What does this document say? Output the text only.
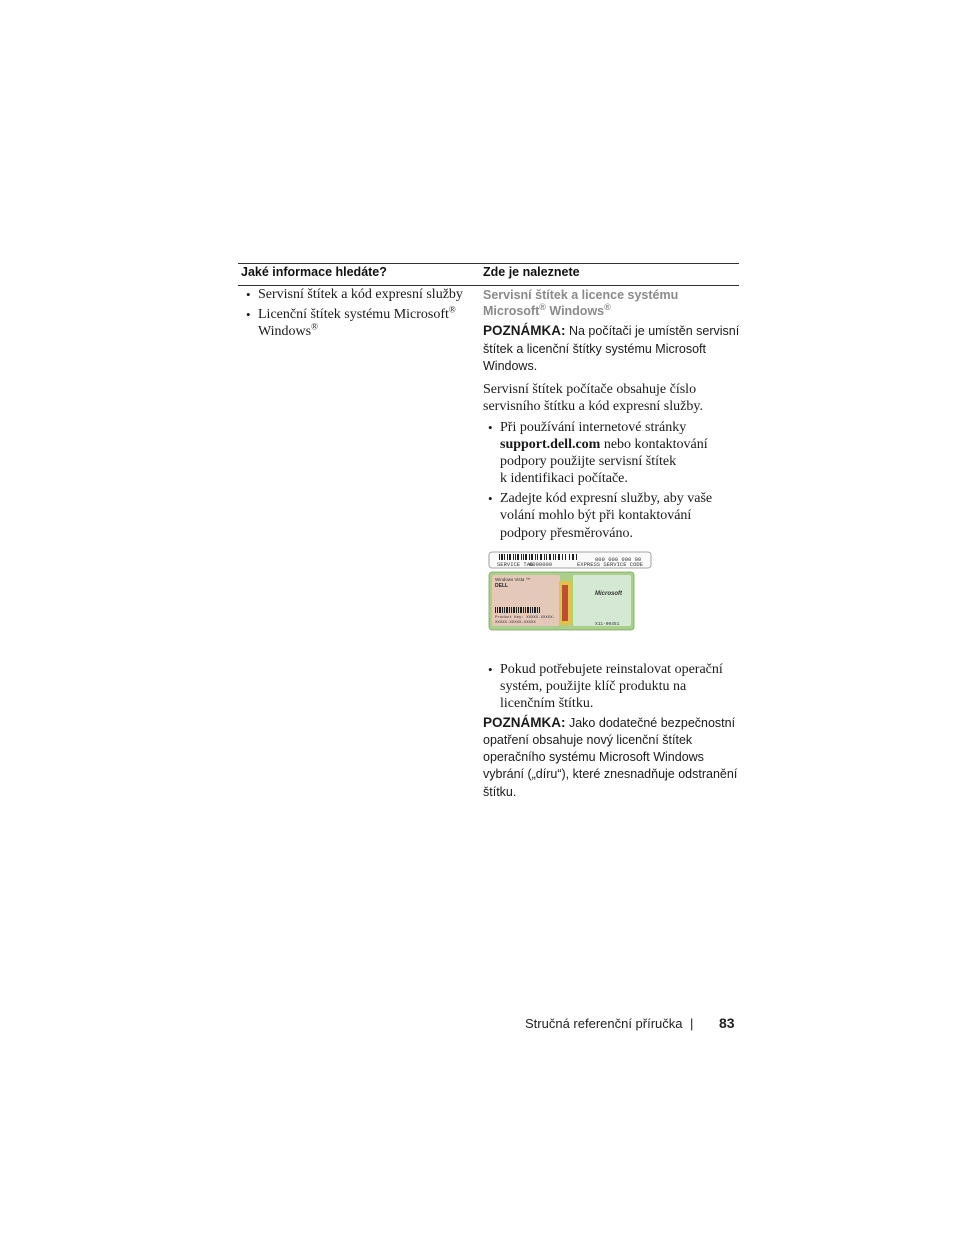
Jaké informace hledáte?	Zde je naleznete
• Servisní štítek a kód expresní služby
• Licenční štítek systému Microsoft®
Windows®
Servisní štítek a licence systému
Microsoft® Windows®
POZNÁMKA: Na počítači je umístěn servisní
štítek a licenční štítky systému Microsoft
Windows.
Servisní štítek počítače obsahuje číslo
servisního štítku a kód expresní služby.
• Při používání internetové stránky
support.dell.com nebo kontaktování
podpory použijte servisní štítek
k identifikaci počítače.
• Zadejte kód expresní služby, aby vaše
volání mohlo být při kontaktování
podpory přesměrováno.
SERVICE TAG
0000000
000 000 000 00
EXPRESS SERVICE CODE
Windows Vista ™
DELL
Product Key: XXXXX-XXXXX-
XXXXX-XXXXX-XXXXX
Microsoft
X11-00451
• Pokud potřebujete reinstalovat operační
systém, použijte klíč produktu na
licenčním štítku.
POZNÁMKA: Jako dodatečné bezpečnostní
opatření obsahuje nový licenční štítek
operačního systému Microsoft Windows
vybrání („díru“), které znesnadňuje odstranění
štítku.
Stručná referenční příručka | 83
